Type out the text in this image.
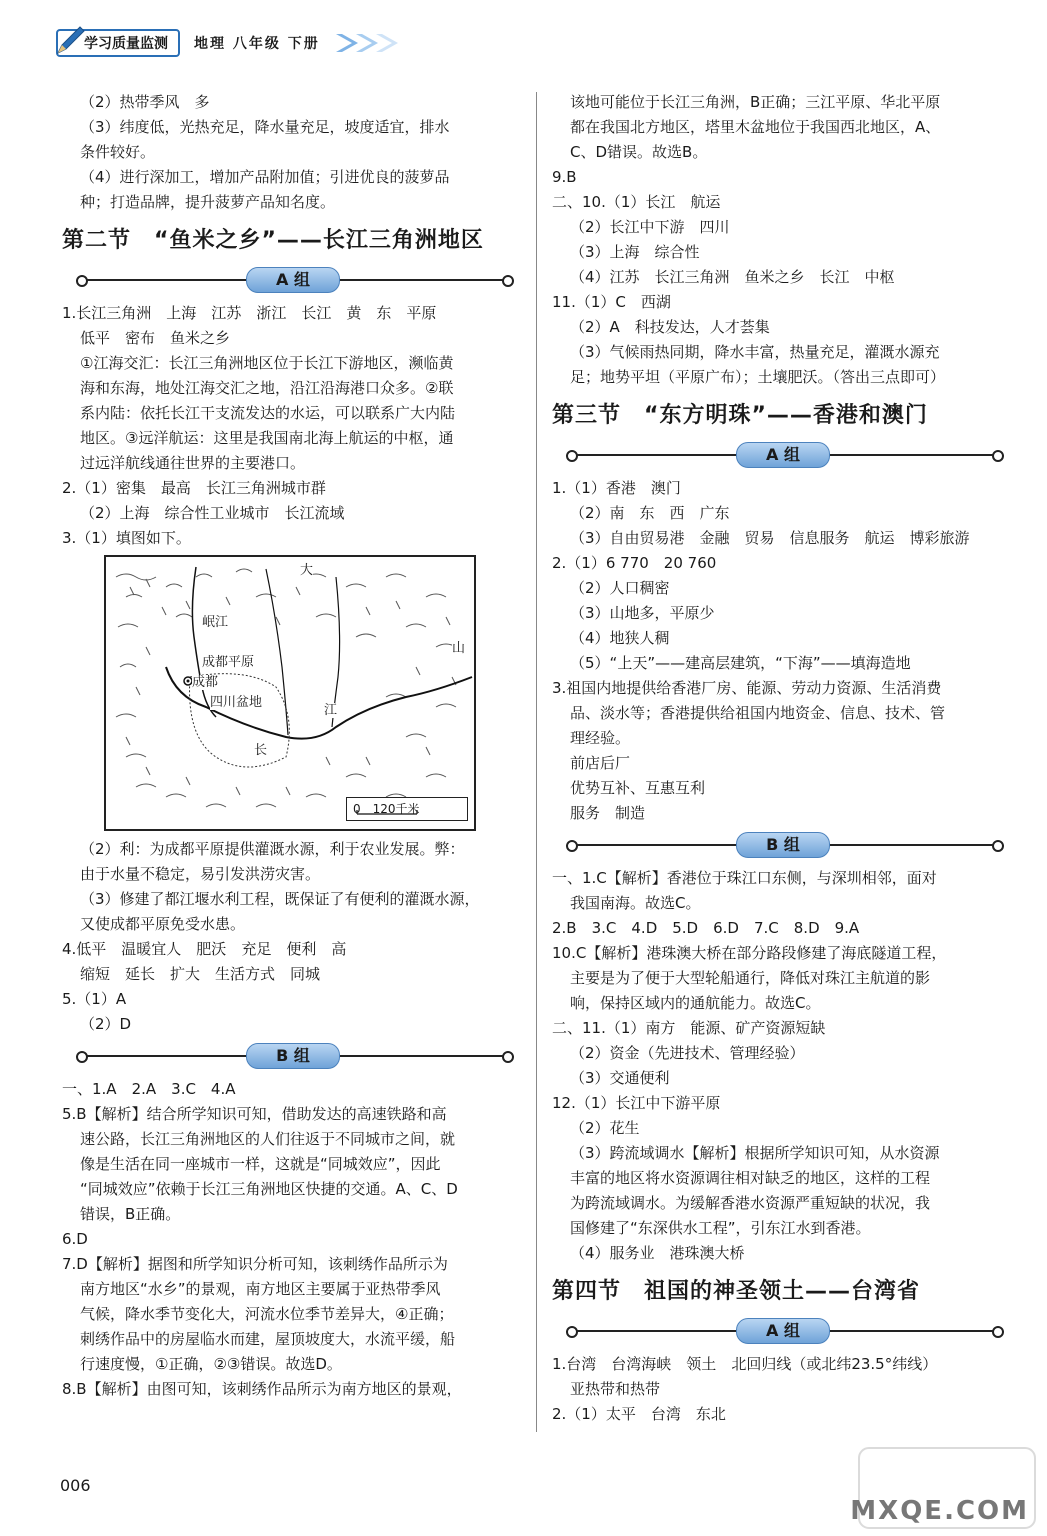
学习质量监测 地理 八年级 下册
（2）热带季风　多
（3）纬度低，光热充足，降水量充足，坡度适宜，排水
条件较好。
（4）进行深加工，增加产品附加值；引进优良的菠萝品
种；打造品牌，提升菠萝产品知名度。
第二节　“鱼米之乡”——长江三角洲地区
A 组
1.长江三角洲　上海　江苏　浙江　长江　黄　东　平原
低平　密布　鱼米之乡
①江海交汇：长江三角洲地区位于长江下游地区，濒临黄
海和东海，地处江海交汇之地，沿江沿海港口众多。②联
系内陆：依托长江干支流发达的水运，可以联系广大内陆
地区。③远洋航运：这里是我国南北海上航运的中枢，通
过远洋航线通往世界的主要港口。
2.（1）密集　最高　长江三角洲城市群
（2）上海　综合性工业城市　长江流域
3.（1）填图如下。
岷江
成都平原
成都
四川盆地
长
江
大
山
0　120千米
（2）利：为成都平原提供灌溉水源，利于农业发展。弊：
由于水量不稳定，易引发洪涝灾害。
（3）修建了都江堰水利工程，既保证了有便利的灌溉水源，
又使成都平原免受水患。
4.低平　温暖宜人　肥沃　充足　便利　高
缩短　延长　扩大　生活方式　同城
5.（1）A
（2）D
B 组
一、1.A　2.A　3.C　4.A
5.B【解析】结合所学知识可知，借助发达的高速铁路和高
速公路，长江三角洲地区的人们往返于不同城市之间，就
像是生活在同一座城市一样，这就是“同城效应”，因此
“同城效应”依赖于长江三角洲地区快捷的交通。A、C、D
错误，B正确。
6.D
7.D【解析】据图和所学知识分析可知，该刺绣作品所示为
南方地区“水乡”的景观，南方地区主要属于亚热带季风
气候，降水季节变化大，河流水位季节差异大，④正确；
刺绣作品中的房屋临水而建，屋顶坡度大，水流平缓，船
行速度慢，①正确，②③错误。故选D。
8.B【解析】由图可知，该刺绣作品所示为南方地区的景观，
该地可能位于长江三角洲，B正确；三江平原、华北平原
都在我国北方地区，塔里木盆地位于我国西北地区，A、
C、D错误。故选B。
9.B
二、10.（1）长江　航运
（2）长江中下游　四川
（3）上海　综合性
（4）江苏　长江三角洲　鱼米之乡　长江　中枢
11.（1）C　西湖
（2）A　科技发达，人才荟集
（3）气候雨热同期，降水丰富，热量充足，灌溉水源充
足；地势平坦（平原广布）；土壤肥沃。（答出三点即可）
第三节　“东方明珠”——香港和澳门
A 组
1.（1）香港　澳门
（2）南　东　西　广东
（3）自由贸易港　金融　贸易　信息服务　航运　博彩旅游
2.（1）6 770　20 760
（2）人口稠密
（3）山地多，平原少
（4）地狭人稠
（5）“上天”——建高层建筑，“下海”——填海造地
3.祖国内地提供给香港厂房、能源、劳动力资源、生活消费
品、淡水等；香港提供给祖国内地资金、信息、技术、管
理经验。
前店后厂
优势互补、互惠互利
服务　制造
B 组
一、1.C【解析】香港位于珠江口东侧，与深圳相邻，面对
我国南海。故选C。
2.B　3.C　4.D　5.D　6.D　7.C　8.D　9.A
10.C【解析】港珠澳大桥在部分路段修建了海底隧道工程，
主要是为了便于大型轮船通行，降低对珠江主航道的影
响，保持区域内的通航能力。故选C。
二、11.（1）南方　能源、矿产资源短缺
（2）资金（先进技术、管理经验）
（3）交通便利
12.（1）长江中下游平原
（2）花生
（3）跨流域调水【解析】根据所学知识可知，从水资源
丰富的地区将水资源调往相对缺乏的地区，这样的工程
为跨流域调水。为缓解香港水资源严重短缺的状况，我
国修建了“东深供水工程”，引东江水到香港。
（4）服务业　港珠澳大桥
第四节　祖国的神圣领土——台湾省
A 组
1.台湾　台湾海峡　领土　北回归线（或北纬23.5°纬线）
亚热带和热带
2.（1）太平　台湾　东北
006
MXQE.COM
